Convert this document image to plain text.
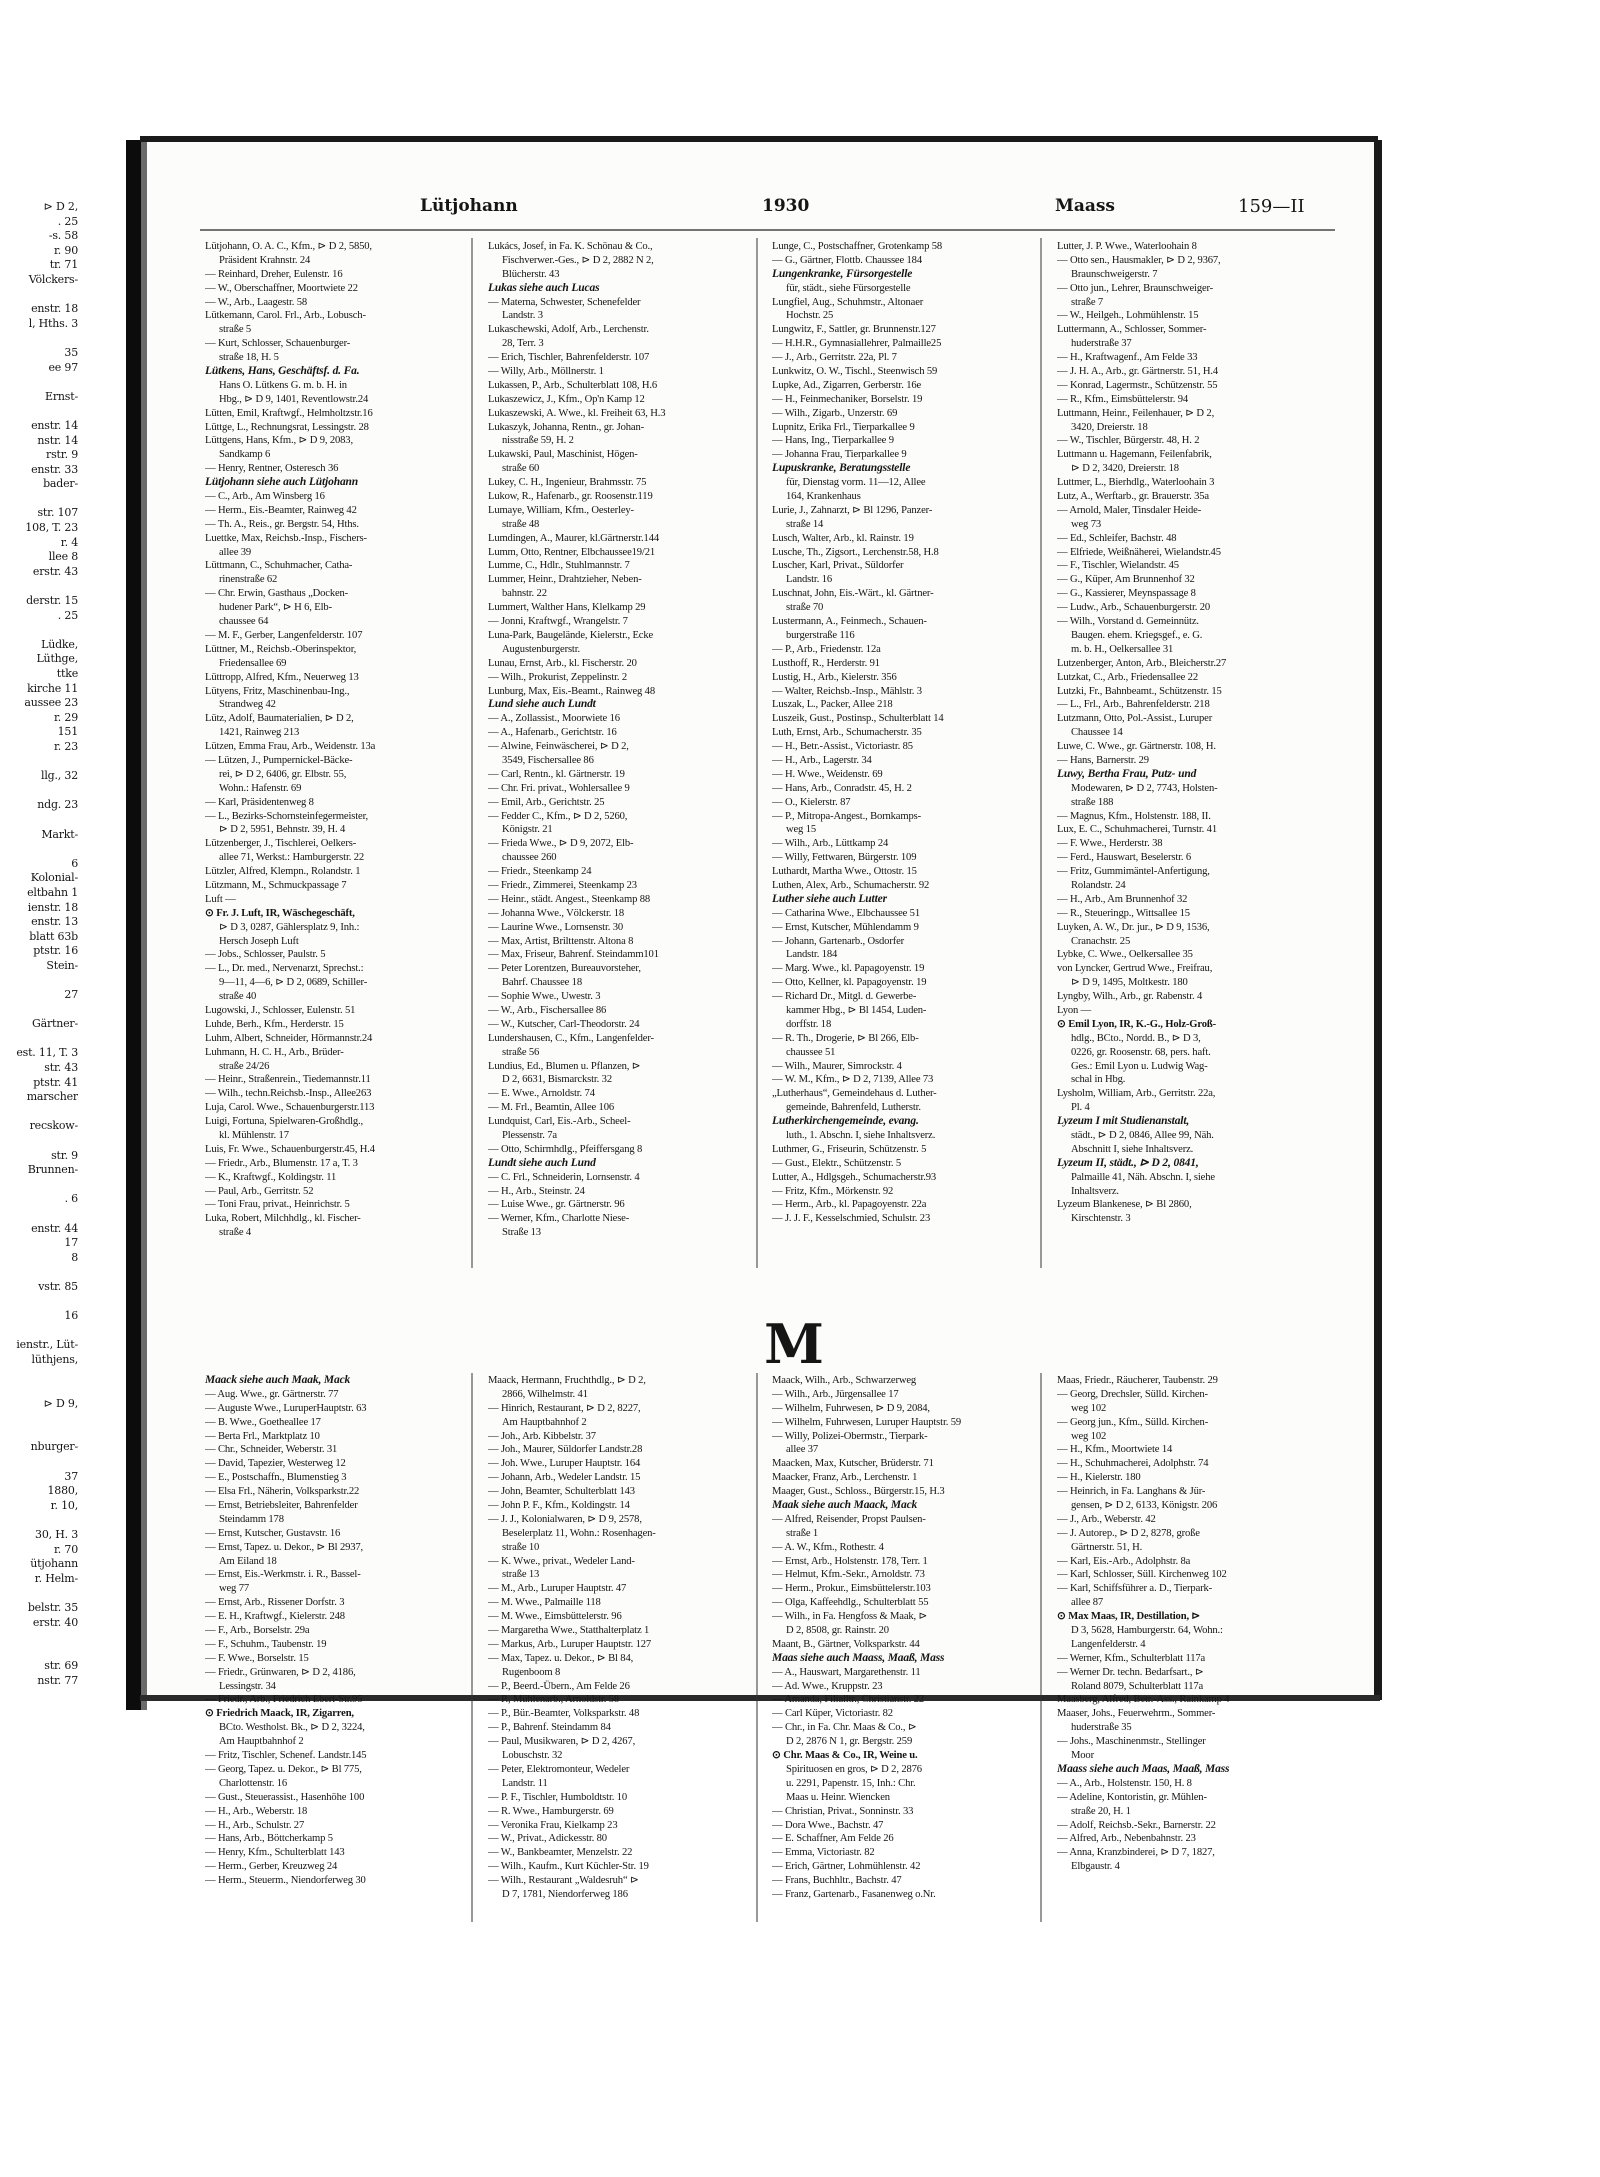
⊳ D 2,
. 25
-s. 58
r. 90
tr. 71
Völckers-
enstr. 18
l, Hths. 3
35
ee 97
Ernst-
enstr. 14
nstr. 14
rstr. 9
enstr. 33
bader-
str. 107
108, T. 23
r. 4
llee 8
erstr. 43
derstr. 15
. 25
Lüdke,
Lüthge,
ttke
kirche 11
aussee 23
r. 29
151
r. 23
llg., 32
ndg. 23
Markt-
6
Kolonial-
eltbahn 1
ienstr. 18
enstr. 13
blatt 63b
ptstr. 16
Stein-
27
Gärtner-
est. 11, T. 3
str. 43
ptstr. 41
marscher
recskow-
str. 9
Brunnen-
. 6
enstr. 44
17
8
vstr. 85
16
ienstr., Lüt-
lüthjens,
⊳ D 9,
nburger-
37
1880,
r. 10,
30, H. 3
r. 70
ütjohann
r. Helm-
belstr. 35
erstr. 40
str. 69
nstr. 77
Lütjohann	1930	Maass	159—II
Lütjohann, O. A. C., Kfm., ⊳ D 2, 5850,
Präsident Krahnstr. 24
— Reinhard, Dreher, Eulenstr. 16
— W., Oberschaffner, Moortwiete 22
— W., Arb., Laagestr. 58
Lütkemann, Carol. Frl., Arb., Lobusch-
straße 5
— Kurt, Schlosser, Schauenburger-
straße 18, H. 5
Lütkens, Hans, Geschäftsf. d. Fa.
Hans O. Lütkens G. m. b. H. in
Hbg., ⊳ D 9, 1401, Reventlowstr.24
Lütten, Emil, Kraftwgf., Helmholtzstr.16
Lüttge, L., Rechnungsrat, Lessingstr. 28
Lüttgens, Hans, Kfm., ⊳ D 9, 2083,
Sandkamp 6
— Henry, Rentner, Osteresch 36
Lütjohann siehe auch Lütjohann
— C., Arb., Am Winsberg 16
— Herm., Eis.-Beamter, Rainweg 42
— Th. A., Reis., gr. Bergstr. 54, Hths.
Luettke, Max, Reichsb.-Insp., Fischers-
allee 39
Lüttmann, C., Schuhmacher, Catha-
rinenstraße 62
— Chr. Erwin, Gasthaus „Docken-
hudener Park“, ⊳ H 6, Elb-
chaussee 64
— M. F., Gerber, Langenfelderstr. 107
Lüttner, M., Reichsb.-Oberinspektor,
Friedensallee 69
Lüttropp, Alfred, Kfm., Neuerweg 13
Lütyens, Fritz, Maschinenbau-Ing.,
Strandweg 42
Lütz, Adolf, Baumaterialien, ⊳ D 2,
1421, Rainweg 213
Lützen, Emma Frau, Arb., Weidenstr. 13a
— Lützen, J., Pumpernickel-Bäcke-
rei, ⊳ D 2, 6406, gr. Elbstr. 55,
Wohn.: Hafenstr. 69
— Karl, Präsidentenweg 8
— L., Bezirks-Schornsteinfegermeister,
⊳ D 2, 5951, Behnstr. 39, H. 4
Lützenberger, J., Tischlerei, Oelkers-
allee 71, Werkst.: Hamburgerstr. 22
Lützler, Alfred, Klempn., Rolandstr. 1
Lützmann, M., Schmuckpassage 7
Luft —
⊙ Fr. J. Luft, IR, Wäschegeschäft,
⊳ D 3, 0287, Gählersplatz 9, Inh.:
Hersch Joseph Luft
— Jobs., Schlosser, Paulstr. 5
— L., Dr. med., Nervenarzt, Sprechst.:
9—11, 4—6, ⊳ D 2, 0689, Schiller-
straße 40
Lugowski, J., Schlosser, Eulenstr. 51
Luhde, Berh., Kfm., Herderstr. 15
Luhm, Albert, Schneider, Hörmannstr.24
Luhmann, H. C. H., Arb., Brüder-
straße 24/26
— Heinr., Straßenrein., Tiedemannstr.11
— Wilh., techn.Reichsb.-Insp., Allee263
Luja, Carol. Wwe., Schauenburgerstr.113
Luigi, Fortuna, Spielwaren-Großhdlg.,
kl. Mühlenstr. 17
Luis, Fr. Wwe., Schauenburgerstr.45, H.4
— Friedr., Arb., Blumenstr. 17 a, T. 3
— K., Kraftwgf., Koldingstr. 11
— Paul, Arb., Gerritstr. 52
— Toni Frau, privat., Heinrichstr. 5
Luka, Robert, Milchhdlg., kl. Fischer-
straße 4
Lukács, Josef, in Fa. K. Schönau & Co.,
Fischverwer.-Ges., ⊳ D 2, 2882 N 2,
Blücherstr. 43
Lukas siehe auch Lucas
— Materna, Schwester, Schenefelder
Landstr. 3
Lukaschewski, Adolf, Arb., Lerchenstr.
28, Terr. 3
— Erich, Tischler, Bahrenfelderstr. 107
— Willy, Arb., Möllnerstr. 1
Lukassen, P., Arb., Schulterblatt 108, H.6
Lukaszewicz, J., Kfm., Op'n Kamp 12
Lukaszewski, A. Wwe., kl. Freiheit 63, H.3
Lukaszyk, Johanna, Rentn., gr. Johan-
nisstraße 59, H. 2
Lukawski, Paul, Maschinist, Högen-
straße 60
Lukey, C. H., Ingenieur, Brahmsstr. 75
Lukow, R., Hafenarb., gr. Roosenstr.119
Lumaye, William, Kfm., Oesterley-
straße 48
Lumdingen, A., Maurer, kl.Gärtnerstr.144
Lumm, Otto, Rentner, Elbchaussee19/21
Lumme, C., Hdlr., Stuhlmannstr. 7
Lummer, Heinr., Drahtzieher, Neben-
bahnstr. 22
Lummert, Walther Hans, Klelkamp 29
— Jonni, Kraftwgf., Wrangelstr. 7
Luna-Park, Baugelände, Kielerstr., Ecke
Augustenburgerstr.
Lunau, Ernst, Arb., kl. Fischerstr. 20
— Wilh., Prokurist, Zeppelinstr. 2
Lunburg, Max, Eis.-Beamt., Rainweg 48
Lund siehe auch Lundt
— A., Zollassist., Moorwiete 16
— A., Hafenarb., Gerichtstr. 16
— Alwine, Feinwäscherei, ⊳ D 2,
3549, Fischersallee 86
— Carl, Rentn., kl. Gärtnerstr. 19
— Chr. Fri. privat., Wohlersallee 9
— Emil, Arb., Gerichtstr. 25
— Fedder C., Kfm., ⊳ D 2, 5260,
Königstr. 21
— Frieda Wwe., ⊳ D 9, 2072, Elb-
chaussee 260
— Friedr., Steenkamp 24
— Friedr., Zimmerei, Steenkamp 23
— Heinr., städt. Angest., Steenkamp 88
— Johanna Wwe., Völckerstr. 18
— Laurine Wwe., Lornsenstr. 30
— Max, Artist, Brilttenstr. Altona 8
— Max, Friseur, Bahrenf. Steindamm101
— Peter Lorentzen, Bureauvorsteher,
Bahrf. Chaussee 18
— Sophie Wwe., Uwestr. 3
— W., Arb., Fischersallee 86
— W., Kutscher, Carl-Theodorstr. 24
Lundershausen, C., Kfm., Langenfelder-
straße 56
Lundius, Ed., Blumen u. Pflanzen, ⊳
D 2, 6631, Bismarckstr. 32
— E. Wwe., Arnoldstr. 74
— M. Frl., Beamtin, Allee 106
Lundquist, Carl, Eis.-Arb., Scheel-
Plessenstr. 7a
— Otto, Schirmhdlg., Pfeiffersgang 8
Lundt siehe auch Lund
— C. Frl., Schneiderin, Lornsenstr. 4
— H., Arb., Steinstr. 24
— Luise Wwe., gr. Gärtnerstr. 96
— Werner, Kfm., Charlotte Niese-
Straße 13
Lunge, C., Postschaffner, Grotenkamp 58
— G., Gärtner, Flottb. Chaussee 184
Lungenkranke, Fürsorgestelle
für, städt., siehe Fürsorgestelle
Lungfiel, Aug., Schuhmstr., Altonaer
Hochstr. 25
Lungwitz, F., Sattler, gr. Brunnenstr.127
— H.H.R., Gymnasiallehrer, Palmaille25
— J., Arb., Gerritstr. 22a, Pl. 7
Lunkwitz, O. W., Tischl., Steenwisch 59
Lupke, Ad., Zigarren, Gerberstr. 16e
— H., Feinmechaniker, Borselstr. 19
— Wilh., Zigarb., Unzerstr. 69
Lupnitz, Erika Frl., Tierparkallee 9
— Hans, Ing., Tierparkallee 9
— Johanna Frau, Tierparkallee 9
Lupuskranke, Beratungsstelle
für, Dienstag vorm. 11—12, Allee
164, Krankenhaus
Lurie, J., Zahnarzt, ⊳ Bl 1296, Panzer-
straße 14
Lusch, Walter, Arb., kl. Rainstr. 19
Lusche, Th., Zigsort., Lerchenstr.58, H.8
Luscher, Karl, Privat., Süldorfer
Landstr. 16
Luschnat, John, Eis.-Wärt., kl. Gärtner-
straße 70
Lustermann, A., Feinmech., Schauen-
burgerstraße 116
— P., Arb., Friedenstr. 12a
Lusthoff, R., Herderstr. 91
Lustig, H., Arb., Kielerstr. 356
— Walter, Reichsb.-Insp., Mählstr. 3
Luszak, L., Packer, Allee 218
Luszeik, Gust., Postinsp., Schulterblatt 14
Luth, Ernst, Arb., Schumacherstr. 35
— H., Betr.-Assist., Victoriastr. 85
— H., Arb., Lagerstr. 34
— H. Wwe., Weidenstr. 69
— Hans, Arb., Conradstr. 45, H. 2
— O., Kielerstr. 87
— P., Mitropa-Angest., Bornkamps-
weg 15
— Wilh., Arb., Lüttkamp 24
— Willy, Fettwaren, Bürgerstr. 109
Luthardt, Martha Wwe., Ottostr. 15
Luthen, Alex, Arb., Schumacherstr. 92
Luther siehe auch Lutter
— Catharina Wwe., Elbchaussee 51
— Ernst, Kutscher, Mühlendamm 9
— Johann, Gartenarb., Osdorfer
Landstr. 184
— Marg. Wwe., kl. Papagoyenstr. 19
— Otto, Kellner, kl. Papagoyenstr. 19
— Richard Dr., Mitgl. d. Gewerbe-
kammer Hbg., ⊳ Bl 1454, Luden-
dorffstr. 18
— R. Th., Drogerie, ⊳ Bl 266, Elb-
chaussee 51
— Wilh., Maurer, Simrockstr. 4
— W. M., Kfm., ⊳ D 2, 7139, Allee 73
„Lutherhaus“, Gemeindehaus d. Luther-
gemeinde, Bahrenfeld, Lutherstr.
Lutherkirchengemeinde, evang.
luth., 1. Abschn. I, siehe Inhaltsverz.
Luthmer, G., Friseurin, Schützenstr. 5
— Gust., Elektr., Schützenstr. 5
Lutter, A., Hdlgsgeh., Schumacherstr.93
— Fritz, Kfm., Mörkenstr. 92
— Herm., Arb., kl. Papagoyenstr. 22a
— J. J. F., Kesselschmied, Schulstr. 23
Lutter, J. P. Wwe., Waterloohain 8
— Otto sen., Hausmakler, ⊳ D 2, 9367,
Braunschweigerstr. 7
— Otto jun., Lehrer, Braunschweiger-
straße 7
— W., Heilgeh., Lohmühlenstr. 15
Luttermann, A., Schlosser, Sommer-
huderstraße 37
— H., Kraftwagenf., Am Felde 33
— J. H. A., Arb., gr. Gärtnerstr. 51, H.4
— Konrad, Lagermstr., Schützenstr. 55
— R., Kfm., Eimsbüttelerstr. 94
Luttmann, Heinr., Feilenhauer, ⊳ D 2,
3420, Dreierstr. 18
— W., Tischler, Bürgerstr. 48, H. 2
Luttmann u. Hagemann, Feilenfabrik,
⊳ D 2, 3420, Dreierstr. 18
Luttmer, L., Bierhdlg., Waterloohain 3
Lutz, A., Werftarb., gr. Brauerstr. 35a
— Arnold, Maler, Tinsdaler Heide-
weg 73
— Ed., Schleifer, Bachstr. 48
— Elfriede, Weißnäherei, Wielandstr.45
— F., Tischler, Wielandstr. 45
— G., Küper, Am Brunnenhof 32
— G., Kassierer, Meynspassage 8
— Ludw., Arb., Schauenburgerstr. 20
— Wilh., Vorstand d. Gemeinnütz.
Baugen. ehem. Kriegsgef., e. G.
m. b. H., Oelkersallee 31
Lutzenberger, Anton, Arb., Bleicherstr.27
Lutzkat, C., Arb., Friedensallee 22
Lutzki, Fr., Bahnbeamt., Schützenstr. 15
— L., Frl., Arb., Bahrenfelderstr. 218
Lutzmann, Otto, Pol.-Assist., Luruper
Chaussee 14
Luwe, C. Wwe., gr. Gärtnerstr. 108, H.
— Hans, Barnerstr. 29
Luwy, Bertha Frau, Putz- und
Modewaren, ⊳ D 2, 7743, Holsten-
straße 188
— Magnus, Kfm., Holstenstr. 188, II.
Lux, E. C., Schuhmacherei, Turnstr. 41
— F. Wwe., Herderstr. 38
— Ferd., Hauswart, Beselerstr. 6
— Fritz, Gummimäntel-Anfertigung,
Rolandstr. 24
— H., Arb., Am Brunnenhof 32
— R., Steueringp., Wittsallee 15
Luyken, A. W., Dr. jur., ⊳ D 9, 1536,
Cranachstr. 25
Lybke, C. Wwe., Oelkersallee 35
von Lyncker, Gertrud Wwe., Freifrau,
⊳ D 9, 1495, Moltkestr. 180
Lyngby, Wilh., Arb., gr. Rabenstr. 4
Lyon —
⊙ Emil Lyon, IR, K.-G., Holz-Groß-
hdlg., BCto., Nordd. B., ⊳ D 3,
0226, gr. Roosenstr. 68, pers. haft.
Ges.: Emil Lyon u. Ludwig Wag-
schal in Hbg.
Lysholm, William, Arb., Gerritstr. 22a,
Pl. 4
Lyzeum I mit Studienanstalt,
städt., ⊳ D 2, 0846, Allee 99, Näh.
Abschnitt I, siehe Inhaltsverz.
Lyzeum II, städt., ⊳ D 2, 0841,
Palmaille 41, Näh. Abschn. I, siehe
Inhaltsverz.
Lyzeum Blankenese, ⊳ Bl 2860,
Kirschtenstr. 3
M
Maack siehe auch Maak, Mack
— Aug. Wwe., gr. Gärtnerstr. 77
— Auguste Wwe., LuruperHauptstr. 63
— B. Wwe., Goetheallee 17
— Berta Frl., Marktplatz 10
— Chr., Schneider, Weberstr. 31
— David, Tapezier, Westerweg 12
— E., Postschaffn., Blumenstieg 3
— Elsa Frl., Näherin, Volksparkstr.22
— Ernst, Betriebsleiter, Bahrenfelder
Steindamm 178
— Ernst, Kutscher, Gustavstr. 16
— Ernst, Tapez. u. Dekor., ⊳ Bl 2937,
Am Eiland 18
— Ernst, Eis.-Werkmstr. i. R., Bassel-
weg 77
— Ernst, Arb., Rissener Dorfstr. 3
— E. H., Kraftwgf., Kielerstr. 248
— F., Arb., Borselstr. 29a
— F., Schuhm., Taubenstr. 19
— F. Wwe., Borselstr. 15
— Friedr., Grünwaren, ⊳ D 2, 4186,
Lessingstr. 34
— Friedr., Arb., Friedrich Ebert-Str.95
⊙ Friedrich Maack, IR, Zigarren,
BCto. Westholst. Bk., ⊳ D 2, 3224,
Am Hauptbahnhof 2
— Fritz, Tischler, Schenef. Landstr.145
— Georg, Tapez. u. Dekor., ⊳ Bl 775,
Charlottenstr. 16
— Gust., Steuerassist., Hasenhöhe 100
— H., Arb., Weberstr. 18
— H., Arb., Schulstr. 27
— Hans, Arb., Böttcherkamp 5
— Henry, Kfm., Schulterblatt 143
— Herm., Gerber, Kreuzweg 24
— Herm., Steuerm., Niendorferweg 30
Maack, Hermann, Fruchthdlg., ⊳ D 2,
2866, Wilhelmstr. 41
— Hinrich, Restaurant, ⊳ D 2, 8227,
Am Hauptbahnhof 2
— Joh., Arb. Kibbelstr. 37
— Joh., Maurer, Süldorfer Landstr.28
— Joh. Wwe., Luruper Hauptstr. 164
— Johann, Arb., Wedeler Landstr. 15
— John, Beamter, Schulterblatt 143
— John P. F., Kfm., Koldingstr. 14
— J. J., Kolonialwaren, ⊳ D 9, 2578,
Beselerplatz 11, Wohn.: Rosenhagen-
straße 10
— K. Wwe., privat., Wedeler Land-
straße 13
— M., Arb., Luruper Hauptstr. 47
— M. Wwe., Palmaille 118
— M. Wwe., Eimsbüttelerstr. 96
— Margaretha Wwe., Statthalterplatz 1
— Markus, Arb., Luruper Hauptstr. 127
— Max, Tapez. u. Dekor., ⊳ Bl 84,
Rugenboom 8
— P., Beerd.-Übern., Am Felde 26
— P., Mühlenarb., Arnoldstr. 58
— P., Bür.-Beamter, Volksparkstr. 48
— P., Bahrenf. Steindamm 84
— Paul, Musikwaren, ⊳ D 2, 4267,
Lobuschstr. 32
— Peter, Elektromonteur, Wedeler
Landstr. 11
— P. F., Tischler, Humboldtstr. 10
— R. Wwe., Hamburgerstr. 69
— Veronika Frau, Kielkamp 23
— W., Privat., Adickesstr. 80
— W., Bankbeamter, Menzelstr. 22
— Wilh., Kaufm., Kurt Küchler-Str. 19
— Wilh., Restaurant „Waldesruh“ ⊳
D 7, 1781, Niendorferweg 186
Maack, Wilh., Arb., Schwarzerweg
— Wilh., Arb., Jürgensallee 17
— Wilhelm, Fuhrwesen, ⊳ D 9, 2084,
— Wilhelm, Fuhrwesen, Luruper Hauptstr. 59
— Willy, Polizei-Obermstr., Tierpark-
allee 37
Maacken, Max, Kutscher, Brüderstr. 71
Maacker, Franz, Arb., Lerchenstr. 1
Maager, Gust., Schloss., Bürgerstr.15, H.3
Maak siehe auch Maack, Mack
— Alfred, Reisender, Propst Paulsen-
straße 1
— A. W., Kfm., Rothestr. 4
— Ernst, Arb., Holstenstr. 178, Terr. 1
— Helmut, Kfm.-Sekr., Arnoldstr. 73
— Herm., Prokur., Eimsbüttelerstr.103
— Olga, Kaffeehdlg., Schulterblatt 55
— Wilh., in Fa. Hengfoss & Maak, ⊳
D 2, 8508, gr. Rainstr. 20
Maant, B., Gärtner, Volksparkstr. 44
Maas siehe auch Maass, Maaß, Mass
— A., Hauswart, Margarethenstr. 11
— Ad. Wwe., Kruppstr. 23
— Amanda, Filialltr., Christianstr. 22
— Carl Küper, Victoriastr. 82
— Chr., in Fa. Chr. Maas & Co., ⊳
D 2, 2876 N 1, gr. Bergstr. 259
⊙ Chr. Maas & Co., IR, Weine u.
Spirituosen en gros, ⊳ D 2, 2876
u. 2291, Papenstr. 15, Inh.: Chr.
Maas u. Heinr. Wiencken
— Christian, Privat., Sonninstr. 33
— Dora Wwe., Bachstr. 47
— E. Schaffner, Am Felde 26
— Emma, Victoriastr. 82
— Erich, Gärtner, Lohmühlenstr. 42
— Frans, Buchhltr., Bachstr. 47
— Franz, Gartenarb., Fasanenweg o.Nr.
Maas, Friedr., Räucherer, Taubenstr. 29
— Georg, Drechsler, Sülld. Kirchen-
weg 102
— Georg jun., Kfm., Sülld. Kirchen-
weg 102
— H., Kfm., Moortwiete 14
— H., Schuhmacherei, Adolphstr. 74
— H., Kielerstr. 180
— Heinrich, in Fa. Langhans & Jür-
gensen, ⊳ D 2, 6133, Königstr. 206
— J., Arb., Weberstr. 42
— J. Autorep., ⊳ D 2, 8278, große
Gärtnerstr. 51, H.
— Karl, Eis.-Arb., Adolphstr. 8a
— Karl, Schlosser, Süll. Kirchenweg 102
— Karl, Schiffsführer a. D., Tierpark-
allee 87
⊙ Max Maas, IR, Destillation, ⊳
D 3, 5628, Hamburgerstr. 64, Wohn.:
Langenfelderstr. 4
— Werner, Kfm., Schulterblatt 117a
— Werner Dr. techn. Bedarfsart., ⊳
Roland 8079, Schulterblatt 117a
Maasberg, Alfred, Betr.-Ass., Rainkamp 4
Maaser, Johs., Feuerwehrm., Sommer-
huderstraße 35
— Johs., Maschinenmstr., Stellinger
Moor
Maass siehe auch Maas, Maaß, Mass
— A., Arb., Holstenstr. 150, H. 8
— Adeline, Kontoristin, gr. Mühlen-
straße 20, H. 1
— Adolf, Reichsb.-Sekr., Barnerstr. 22
— Alfred, Arb., Nebenbahnstr. 23
— Anna, Kranzbinderei, ⊳ D 7, 1827,
Elbgaustr. 4
